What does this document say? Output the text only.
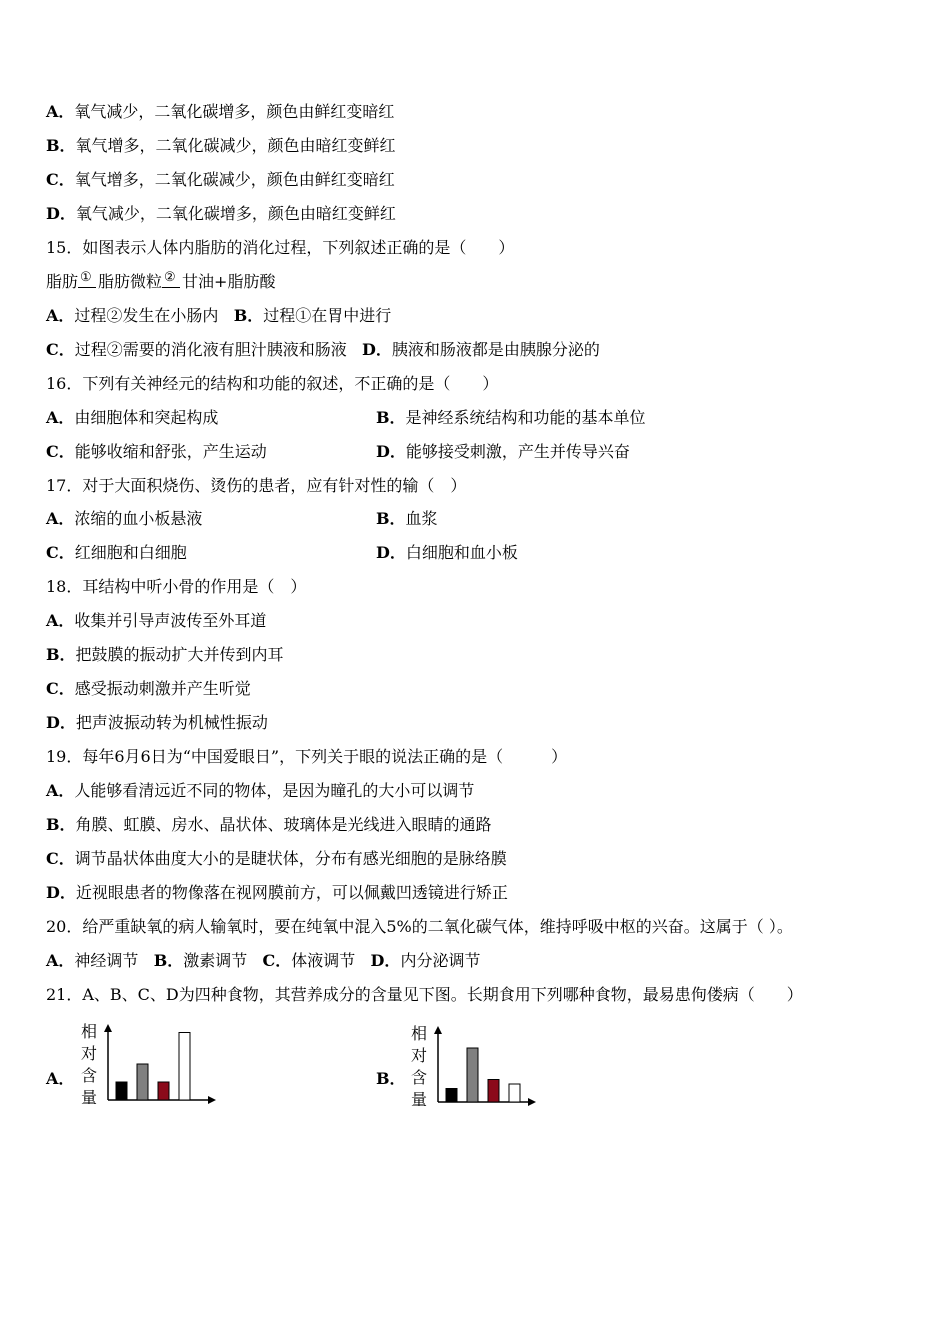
A．氧气减少，二氧化碳增多，颜色由鲜红变暗红
B．氧气增多，二氧化碳减少，颜色由暗红变鲜红
C．氧气增多，二氧化碳减少，颜色由鲜红变暗红
D．氧气减少，二氧化碳增多，颜色由暗红变鲜红
15．如图表示人体内脂肪的消化过程，下列叙述正确的是（　　）
脂肪 ① 脂肪微粒 ② 甘油+脂肪酸
A．过程②发生在小肠内 B．过程①在胃中进行
C．过程②需要的消化液有胆汁胰液和肠液 D．胰液和肠液都是由胰腺分泌的
16．下列有关神经元的结构和功能的叙述，不正确的是（　　）
A．由细胞体和突起构成	B．是神经系统结构和功能的基本单位
C．能够收缩和舒张，产生运动	D．能够接受刺激，产生并传导兴奋
17．对于大面积烧伤、烫伤的患者，应有针对性的输（　）
A．浓缩的血小板悬液	B．血浆
C．红细胞和白细胞	D．白细胞和血小板
18．耳结构中听小骨的作用是（　）
A．收集并引导声波传至外耳道
B．把鼓膜的振动扩大并传到内耳
C．感受振动刺激并产生听觉
D．把声波振动转为机械性振动
19．每年6月6日为“中国爱眼日”，下列关于眼的说法正确的是（　　　）
A．人能够看清远近不同的物体，是因为瞳孔的大小可以调节
B．角膜、虹膜、房水、晶状体、玻璃体是光线进入眼睛的通路
C．调节晶状体曲度大小的是睫状体，分布有感光细胞的是脉络膜
D．近视眼患者的物像落在视网膜前方，可以佩戴凹透镜进行矫正
20．给严重缺氧的病人输氧时，要在纯氧中混入5%的二氧化碳气体，维持呼吸中枢的兴奋。这属于（ ）。
A．神经调节 B．激素调节 C．体液调节 D．内分泌调节
21．A、B、C、D为四种食物，其营养成分的含量见下图。长期食用下列哪种食物，最易患佝偻病（　　）
A．
相
对
含
量
B．
相
对
含
量
